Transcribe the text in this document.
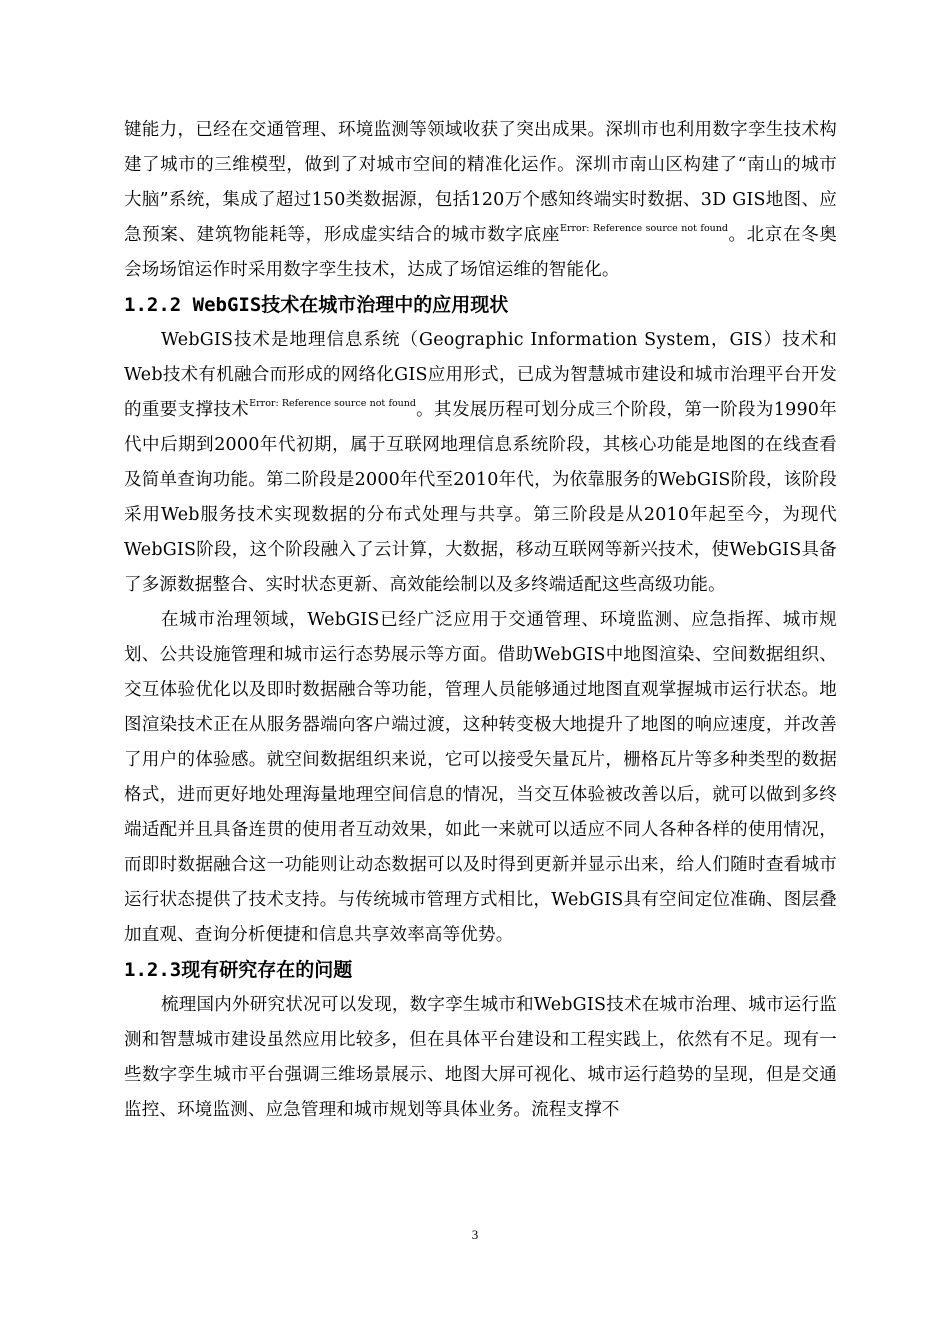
键能力，已经在交通管理、环境监测等领域收获了突出成果。深圳市也利用数字孪生技术构建了城市的三维模型，做到了对城市空间的精准化运作。深圳市南山区构建了“南山的城市大脑”系统，集成了超过150类数据源，包括120万个感知终端实时数据、3D GIS地图、应急预案、建筑物能耗等，形成虚实结合的城市数字底座$^{Error: Reference source not found}$。北京在冬奥会场场馆运作时采用数字孪生技术，达成了场馆运维的智能化。

1.2.2 WebGIS技术在城市治理中的应用现状

WebGIS技术是地理信息系统（Geographic Information System，GIS）技术和Web技术有机融合而形成的网络化GIS应用形式，已成为智慧城市建设和城市治理平台开发的重要支撑技术$^{Error: Reference source not found}$。其发展历程可划分成三个阶段，第一阶段为1990年代中后期到2000年代初期，属于互联网地理信息系统阶段，其核心功能是地图的在线查看及简单查询功能。第二阶段是2000年代至2010年代，为依靠服务的WebGIS阶段，该阶段采用Web服务技术实现数据的分布式处理与共享。第三阶段是从2010年起至今，为现代WebGIS阶段，这个阶段融入了云计算，大数据，移动互联网等新兴技术，使WebGIS具备了多源数据整合、实时状态更新、高效能绘制以及多终端适配这些高级功能。

在城市治理领域，WebGIS已经广泛应用于交通管理、环境监测、应急指挥、城市规划、公共设施管理和城市运行态势展示等方面。借助WebGIS中地图渲染、空间数据组织、交互体验优化以及即时数据融合等功能，管理人员能够通过地图直观掌握城市运行状态。地图渲染技术正在从服务器端向客户端过渡，这种转变极大地提升了地图的响应速度，并改善了用户的体验感。就空间数据组织来说，它可以接受矢量瓦片，栅格瓦片等多种类型的数据格式，进而更好地处理海量地理空间信息的情况，当交互体验被改善以后，就可以做到多终端适配并且具备连贯的使用者互动效果，如此一来就可以适应不同人各种各样的使用情况，而即时数据融合这一功能则让动态数据可以及时得到更新并显示出来，给人们随时查看城市运行状态提供了技术支持。与传统城市管理方式相比，WebGIS具有空间定位准确、图层叠加直观、查询分析便捷和信息共享效率高等优势。

1.2.3现有研究存在的问题

梳理国内外研究状况可以发现，数字孪生城市和WebGIS技术在城市治理、城市运行监测和智慧城市建设虽然应用比较多，但在具体平台建设和工程实践上，依然有不足。现有一些数字孪生城市平台强调三维场景展示、地图大屏可视化、城市运行趋势的呈现，但是交通监控、环境监测、应急管理和城市规划等具体业务。流程支撑不

3
